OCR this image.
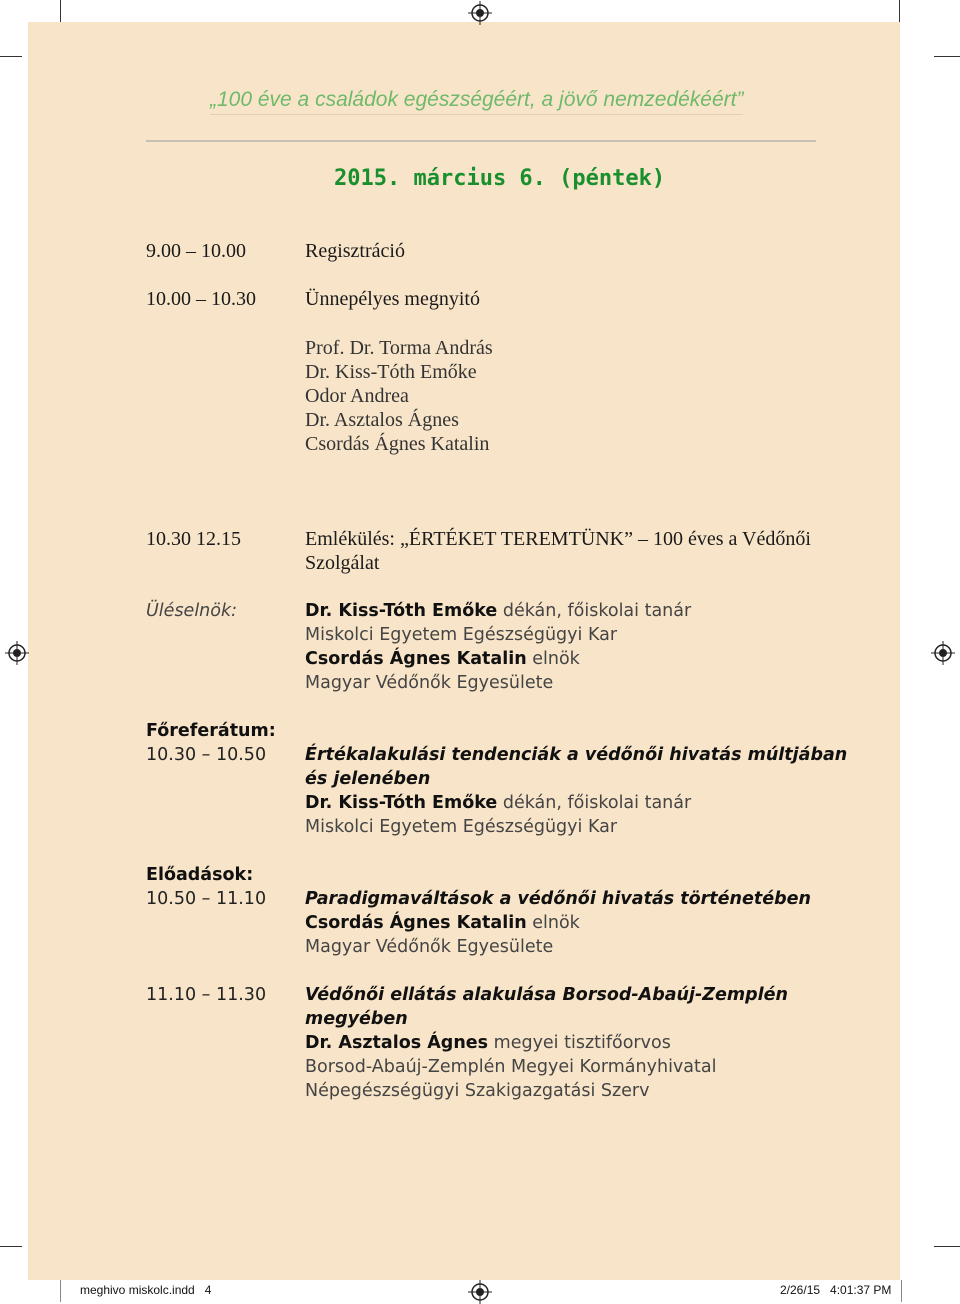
„100 éve a családok egészségéért, a jövő nemzedékéért”
2015. március 6. (péntek)
9.00 – 10.00	Regisztráció
10.00 – 10.30 Ünnepélyes megnyitó
Prof. Dr. Torma András
Dr. Kiss-Tóth Emőke
Odor Andrea
Dr. Asztalos Ágnes
Csordás Ágnes Katalin
10.30 12.15	Emlékülés: „ÉRTÉKET TEREMTÜNK” – 100 éves a Védőnői
Szolgálat
Üléselnök:	Dr. Kiss-Tóth Emőke dékán, főiskolai tanár
Miskolci Egyetem Egészségügyi Kar
Csordás Ágnes Katalin elnök
Magyar Védőnők Egyesülete
Főreferátum:
10.30 – 10.50 Értékalakulási tendenciák a védőnői hivatás múltjában
és jelenében
Dr. Kiss-Tóth Emőke dékán, főiskolai tanár
Miskolci Egyetem Egészségügyi Kar
Előadások:
10.50 – 11.10 Paradigmaváltások a védőnői hivatás történetében
Csordás Ágnes Katalin elnök
Magyar Védőnők Egyesülete
11.10 – 11.30 Védőnői ellátás alakulása Borsod-Abaúj-Zemplén
megyében
Dr. Asztalos Ágnes megyei tisztifőorvos
Borsod-Abaúj-Zemplén Megyei Kormányhivatal
Népegészségügyi Szakigazgatási Szerv
meghivo miskolc.indd   4	2/26/15   4:01:37 PM
